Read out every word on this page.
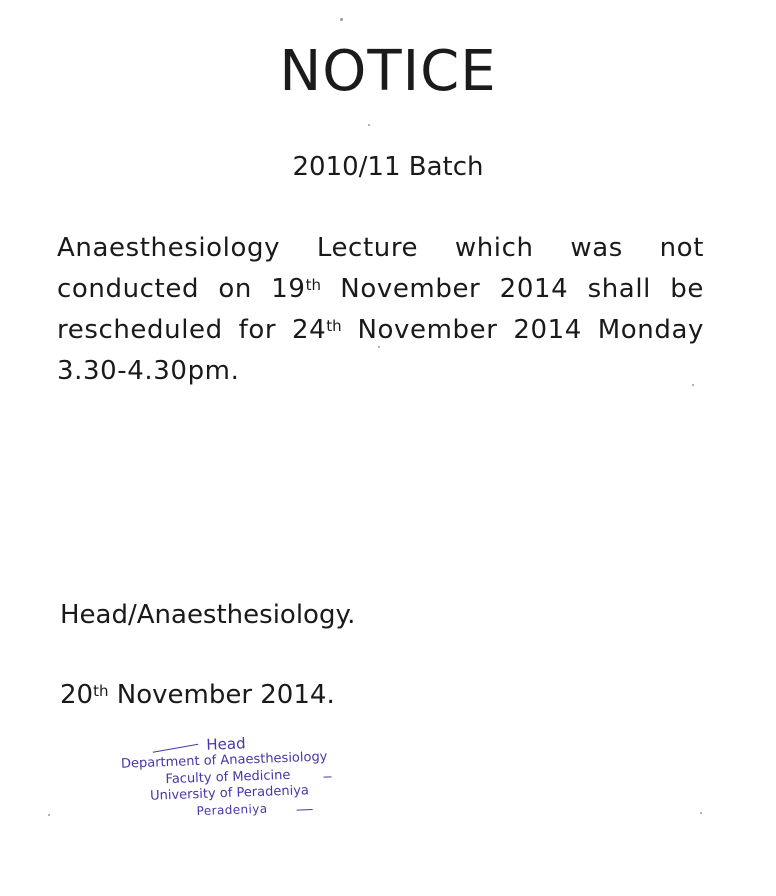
NOTICE
2010/11 Batch
Anaesthesiology Lecture which was not
conducted on 19th November 2014 shall be
rescheduled for 24th November 2014 Monday
3.30-4.30pm.
Head/Anaesthesiology.
20th November 2014.
Head
Department of Anaesthesiology
Faculty of Medicine
University of Peradeniya
Peradeniya
